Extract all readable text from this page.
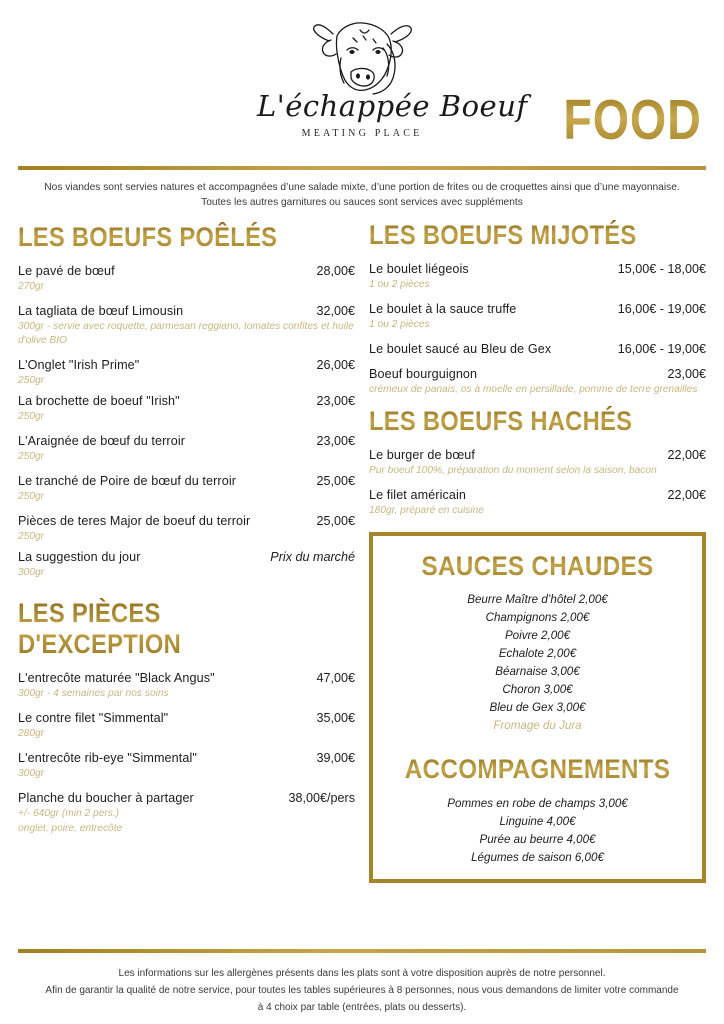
L'échappée Boeuf
MEATING PLACE	FOOD
Nos viandes sont servies natures et accompagnées d’une salade mixte, d’une portion de frites ou de croquettes ainsi que d’une mayonnaise.
Toutes les autres garnitures ou sauces sont services avec suppléments
LES BOEUFS POÊLÉS
Le pavé de bœuf	28,00€
270gr
La tagliata de bœuf Limousin	32,00€
300gr - servie avec roquette, parmesan reggiano, tomates confites et huile d'olive BIO
L'Onglet "Irish Prime"	26,00€
250gr
La brochette de boeuf "Irish"	23,00€
250gr
L'Araignée de bœuf du terroir	23,00€
250gr
Le tranché de Poire de bœuf du terroir	25,00€
250gr
Pièces de teres Major de boeuf du terroir	25,00€
250gr
La suggestion du jour	Prix du marché
300gr
LES PIÈCES D'EXCEPTION
L'entrecôte maturée "Black Angus"	47,00€
300gr - 4 semaines par nos soins
Le contre filet "Simmental"	35,00€
280gr
L'entrecôte rib-eye "Simmental"	39,00€
300gr
Planche du boucher à partager	38,00€/pers
+/- 640gr (min 2 pers.)
onglet, poire, entrecôte
LES BOEUFS MIJOTÉS
Le boulet liégeois	15,00€ - 18,00€
1 ou 2 pièces
Le boulet à la sauce truffe	16,00€ - 19,00€
1 ou 2 pièces
Le boulet saucé au Bleu de Gex	16,00€ - 19,00€
Boeuf bourguignon	23,00€
crémeux de panais, os à moelle en persillade, pomme de terre grenailles
LES BOEUFS HACHÉS
Le burger de bœuf	22,00€
Pur boeuf 100%, préparation du moment selon la saison, bacon
Le filet américain	22,00€
180gr, préparé en cuisine
SAUCES CHAUDES
Beurre Maître d’hôtel 2,00€
Champignons 2,00€
Poivre 2,00€
Echalote 2,00€
Béarnaise 3,00€
Choron 3,00€
Bleu de Gex 3,00€
Fromage du Jura
ACCOMPAGNEMENTS
Pommes en robe de champs 3,00€
Linguine 4,00€
Purée au beurre 4,00€
Légumes de saison 6,00€
Les informations sur les allergènes présents dans les plats sont à votre disposition auprès de notre personnel.
Afin de garantir la qualité de notre service, pour toutes les tables supérieures à 8 personnes, nous vous demandons de limiter votre commande
à 4 choix par table (entrées, plats ou desserts).
